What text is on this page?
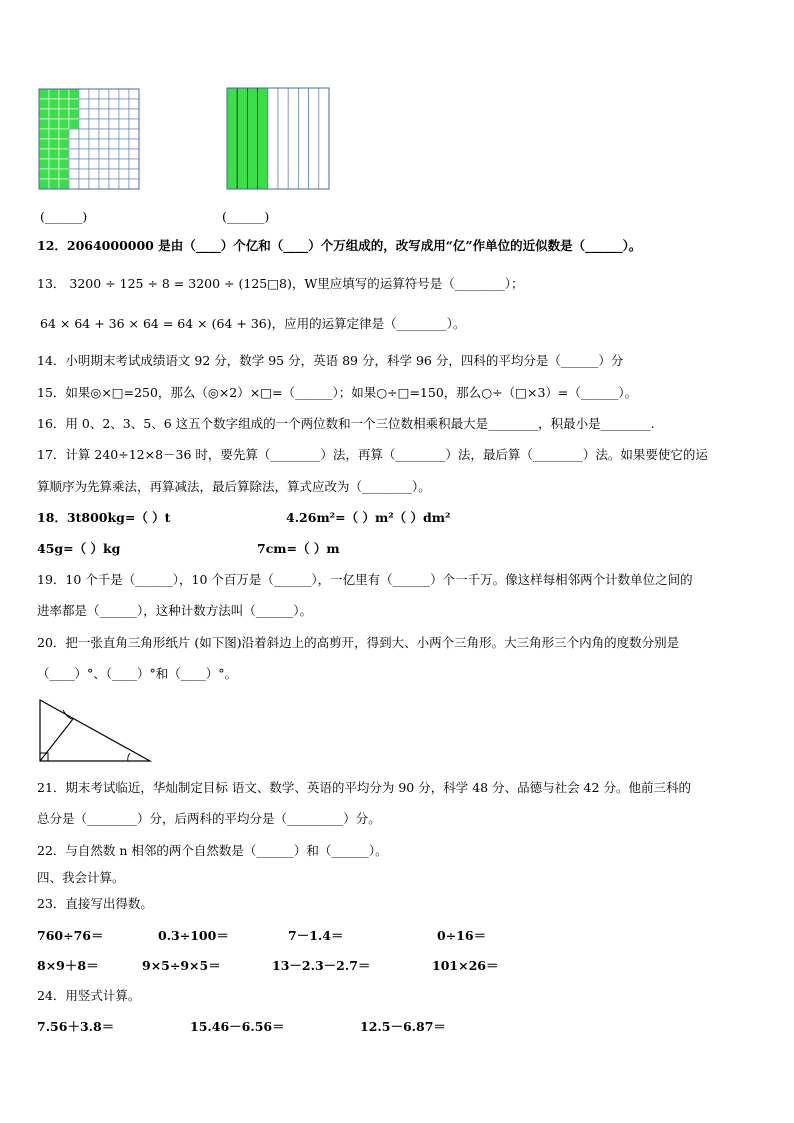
(______)	(______)
12．2064000000 是由（____）个亿和（____）个万组成的，改写成用“亿”作单位的近似数是（______）。
13． 3200 ÷ 125 ÷ 8 = 3200 ÷ (125□8)，W里应填写的运算符号是（________）；
64 × 64 + 36 × 64 = 64 × (64 + 36)，应用的运算定律是（________）。
14．小明期末考试成绩语文 92 分，数学 95 分，英语 89 分，科学 96 分，四科的平均分是（______）分
15．如果◎×□=250，那么（◎×2）×□=（______）；如果○÷□=150，那么○÷（□×3）=（______）。
16．用 0、2、3、5、6 这五个数字组成的一个两位数和一个三位数相乘积最大是________，积最小是________.
17．计算 240÷12×8－36 时，要先算（________）法，再算（________）法，最后算（________）法。如果要使它的运
算顺序为先算乘法，再算减法，最后算除法，算式应改为（________）。
18．3t800kg=（ ）t	4.26m²=（ ）m²（ ）dm²
45g=（ ）kg	7cm=（ ）m
19．10 个千是（______），10 个百万是（______），一亿里有（______）个一千万。像这样每相邻两个计数单位之间的
进率都是（______），这种计数方法叫（______）。
20．把一张直角三角形纸片 (如下图)沿着斜边上的高剪开，得到大、小两个三角形。大三角形三个内角的度数分别是
（____）°、（____）°和（____）°。
21．期末考试临近，华灿制定目标 语文、数学、英语的平均分为 90 分，科学 48 分、品德与社会 42 分。他前三科的
总分是（________）分，后两科的平均分是（_________）分。
22．与自然数 n 相邻的两个自然数是（______）和（______）。
四、我会计算。
23．直接写出得数。
760÷76＝	0.3÷100＝	7－1.4＝	0÷16＝
8×9＋8＝	9×5÷9×5＝	13－2.3－2.7＝	101×26＝
24．用竖式计算。
7.56＋3.8＝	15.46－6.56＝	12.5－6.87＝
